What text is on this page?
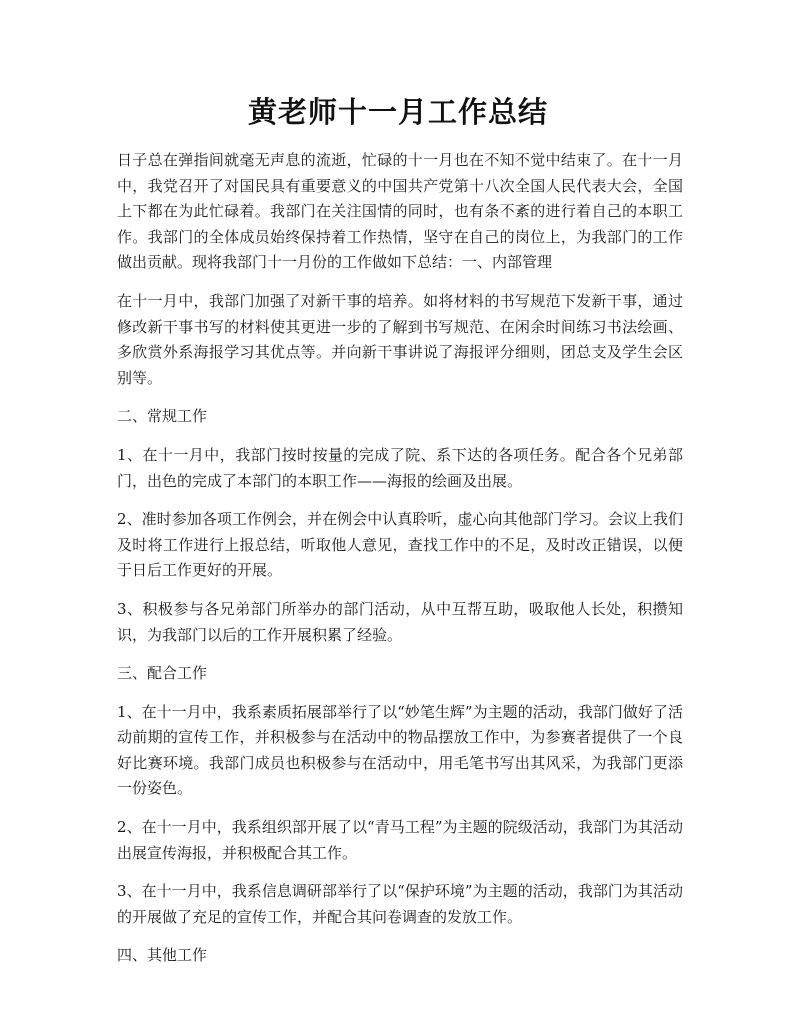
黄老师十一月工作总结

日子总在弹指间就毫无声息的流逝，忙碌的十一月也在不知不觉中结束了。在十一月中，我党召开了对国民具有重要意义的中国共产党第十八次全国人民代表大会，全国上下都在为此忙碌着。我部门在关注国情的同时，也有条不紊的进行着自己的本职工作。我部门的全体成员始终保持着工作热情，坚守在自己的岗位上，为我部门的工作做出贡献。现将我部门十一月份的工作做如下总结：一、内部管理

在十一月中，我部门加强了对新干事的培养。如将材料的书写规范下发新干事，通过修改新干事书写的材料使其更进一步的了解到书写规范、在闲余时间练习书法绘画、多欣赏外系海报学习其优点等。并向新干事讲说了海报评分细则，团总支及学生会区别等。

二、常规工作

1、在十一月中，我部门按时按量的完成了院、系下达的各项任务。配合各个兄弟部门，出色的完成了本部门的本职工作——海报的绘画及出展。

2、准时参加各项工作例会，并在例会中认真聆听，虚心向其他部门学习。会议上我们及时将工作进行上报总结，听取他人意见，查找工作中的不足，及时改正错误，以便于日后工作更好的开展。

3、积极参与各兄弟部门所举办的部门活动，从中互帮互助，吸取他人长处，积攒知识，为我部门以后的工作开展积累了经验。

三、配合工作

1、在十一月中，我系素质拓展部举行了以“妙笔生辉”为主题的活动，我部门做好了活动前期的宣传工作，并积极参与在活动中的物品摆放工作中，为参赛者提供了一个良好比赛环境。我部门成员也积极参与在活动中，用毛笔书写出其风采，为我部门更添一份姿色。

2、在十一月中，我系组织部开展了以“青马工程”为主题的院级活动，我部门为其活动出展宣传海报，并积极配合其工作。

3、在十一月中，我系信息调研部举行了以“保护环境”为主题的活动，我部门为其活动的开展做了充足的宣传工作，并配合其问卷调查的发放工作。

四、其他工作
